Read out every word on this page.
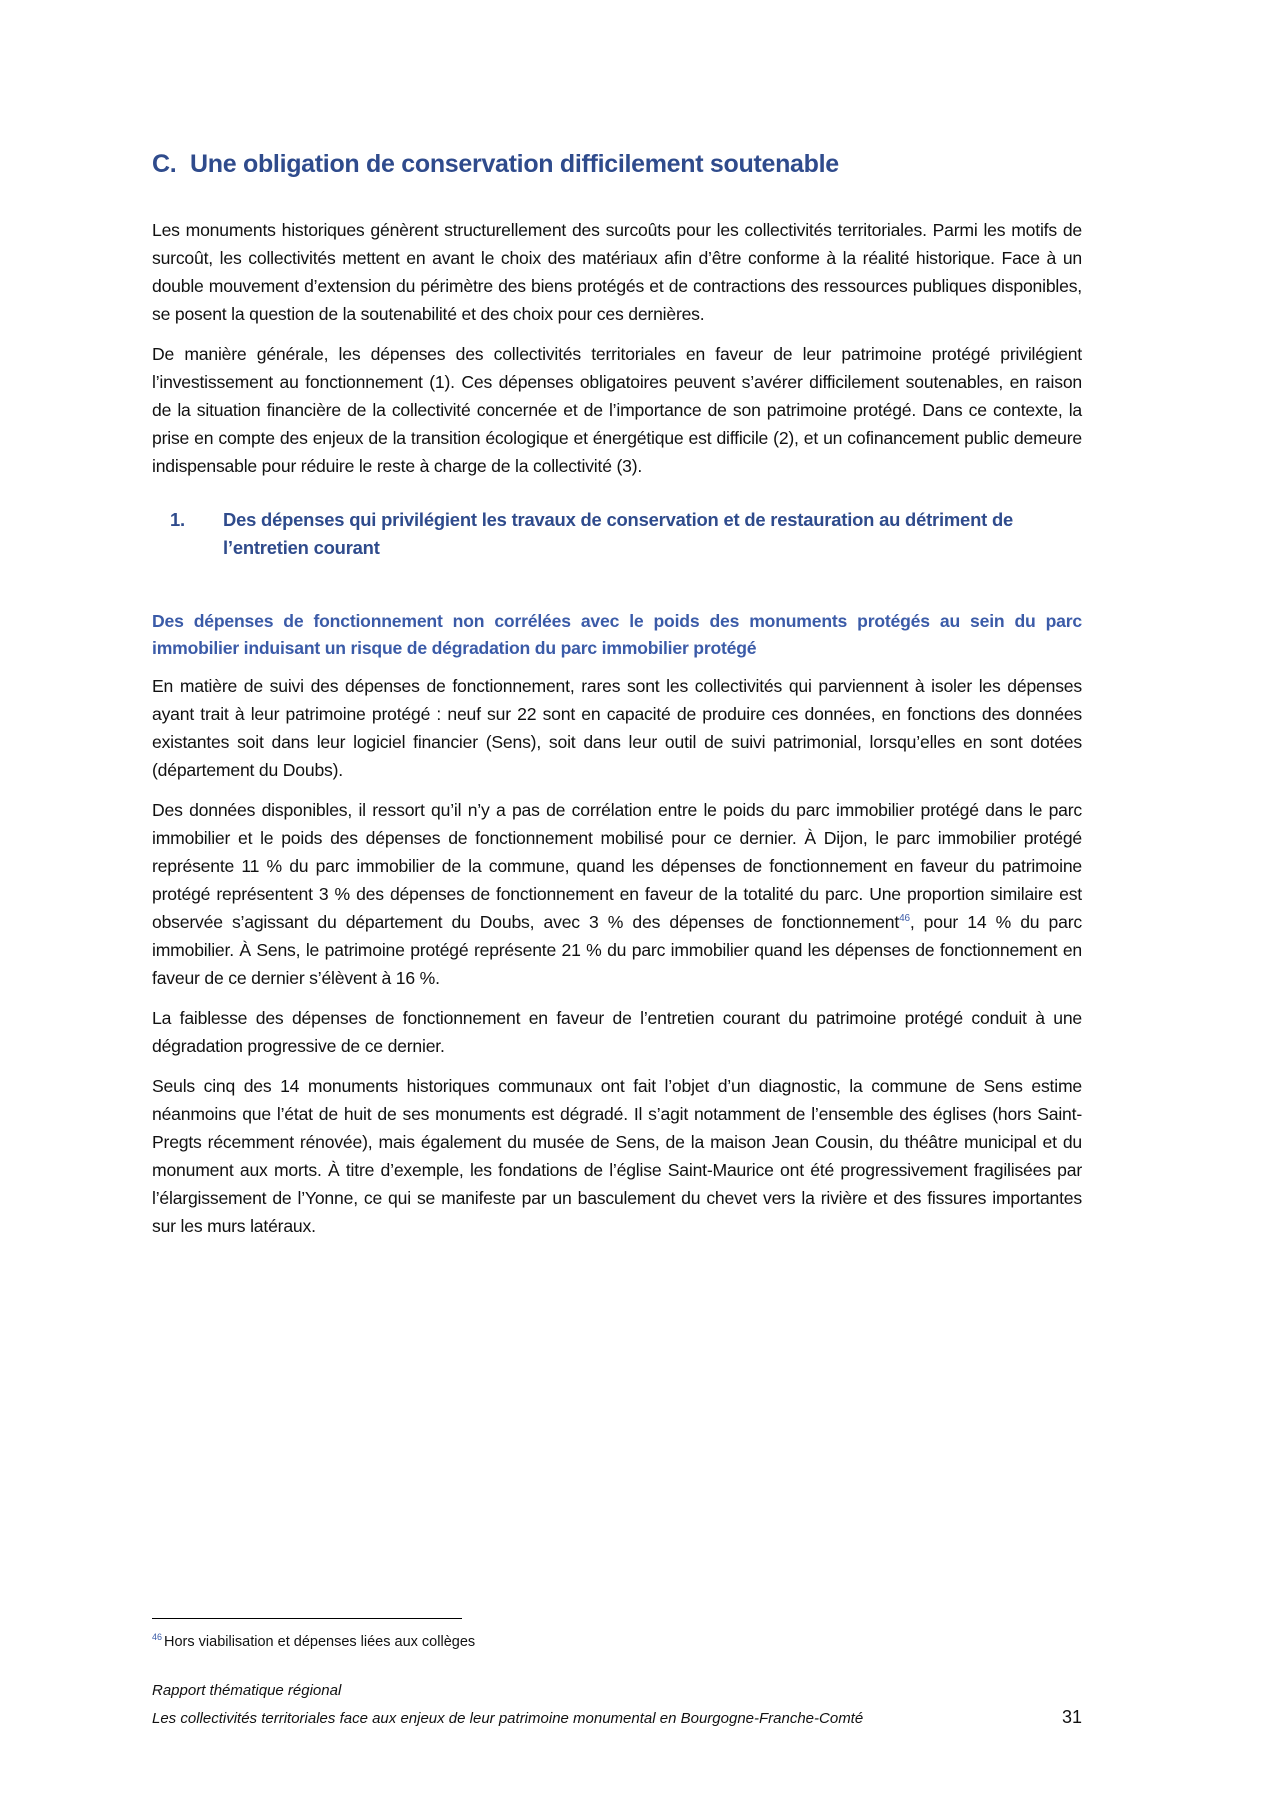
C. Une obligation de conservation difficilement soutenable

Les monuments historiques génèrent structurellement des surcoûts pour les collectivités territoriales. Parmi les motifs de surcoût, les collectivités mettent en avant le choix des matériaux afin d’être conforme à la réalité historique. Face à un double mouvement d’extension du périmètre des biens protégés et de contractions des ressources publiques disponibles, se posent la question de la soutenabilité et des choix pour ces dernières.

De manière générale, les dépenses des collectivités territoriales en faveur de leur patrimoine protégé privilégient l’investissement au fonctionnement (1). Ces dépenses obligatoires peuvent s’avérer difficilement soutenables, en raison de la situation financière de la collectivité concernée et de l’importance de son patrimoine protégé. Dans ce contexte, la prise en compte des enjeux de la transition écologique et énergétique est difficile (2), et un cofinancement public demeure indispensable pour réduire le reste à charge de la collectivité (3).

1.	Des dépenses qui privilégient les travaux de conservation et de restauration au détriment de l’entretien courant
Des dépenses de fonctionnement non corrélées avec le poids des monuments protégés au sein du parc immobilier induisant un risque de dégradation du parc immobilier protégé

En matière de suivi des dépenses de fonctionnement, rares sont les collectivités qui parviennent à isoler les dépenses ayant trait à leur patrimoine protégé : neuf sur 22 sont en capacité de produire ces données, en fonctions des données existantes soit dans leur logiciel financier (Sens), soit dans leur outil de suivi patrimonial, lorsqu’elles en sont dotées (département du Doubs).

Des données disponibles, il ressort qu’il n’y a pas de corrélation entre le poids du parc immobilier protégé dans le parc immobilier et le poids des dépenses de fonctionnement mobilisé pour ce dernier. À Dijon, le parc immobilier protégé représente 11 % du parc immobilier de la commune, quand les dépenses de fonctionnement en faveur du patrimoine protégé représentent 3 % des dépenses de fonctionnement en faveur de la totalité du parc. Une proportion similaire est observée s’agissant du département du Doubs, avec 3 % des dépenses de fonctionnement$^{46}$, pour 14 % du parc immobilier. À Sens, le patrimoine protégé représente 21 % du parc immobilier quand les dépenses de fonctionnement en faveur de ce dernier s’élèvent à 16 %.

La faiblesse des dépenses de fonctionnement en faveur de l’entretien courant du patrimoine protégé conduit à une dégradation progressive de ce dernier.

Seuls cinq des 14 monuments historiques communaux ont fait l’objet d’un diagnostic, la commune de Sens estime néanmoins que l’état de huit de ses monuments est dégradé. Il s’agit notamment de l’ensemble des églises (hors Saint-Pregts récemment rénovée), mais également du musée de Sens, de la maison Jean Cousin, du théâtre municipal et du monument aux morts. À titre d’exemple, les fondations de l’église Saint-Maurice ont été progressivement fragilisées par l’élargissement de l’Yonne, ce qui se manifeste par un basculement du chevet vers la rivière et des fissures importantes sur les murs latéraux.

$^{46}$ Hors viabilisation et dépenses liées aux collèges
Rapport thématique régional
Les collectivités territoriales face aux enjeux de leur patrimoine monumental en Bourgogne-Franche-Comté	31
